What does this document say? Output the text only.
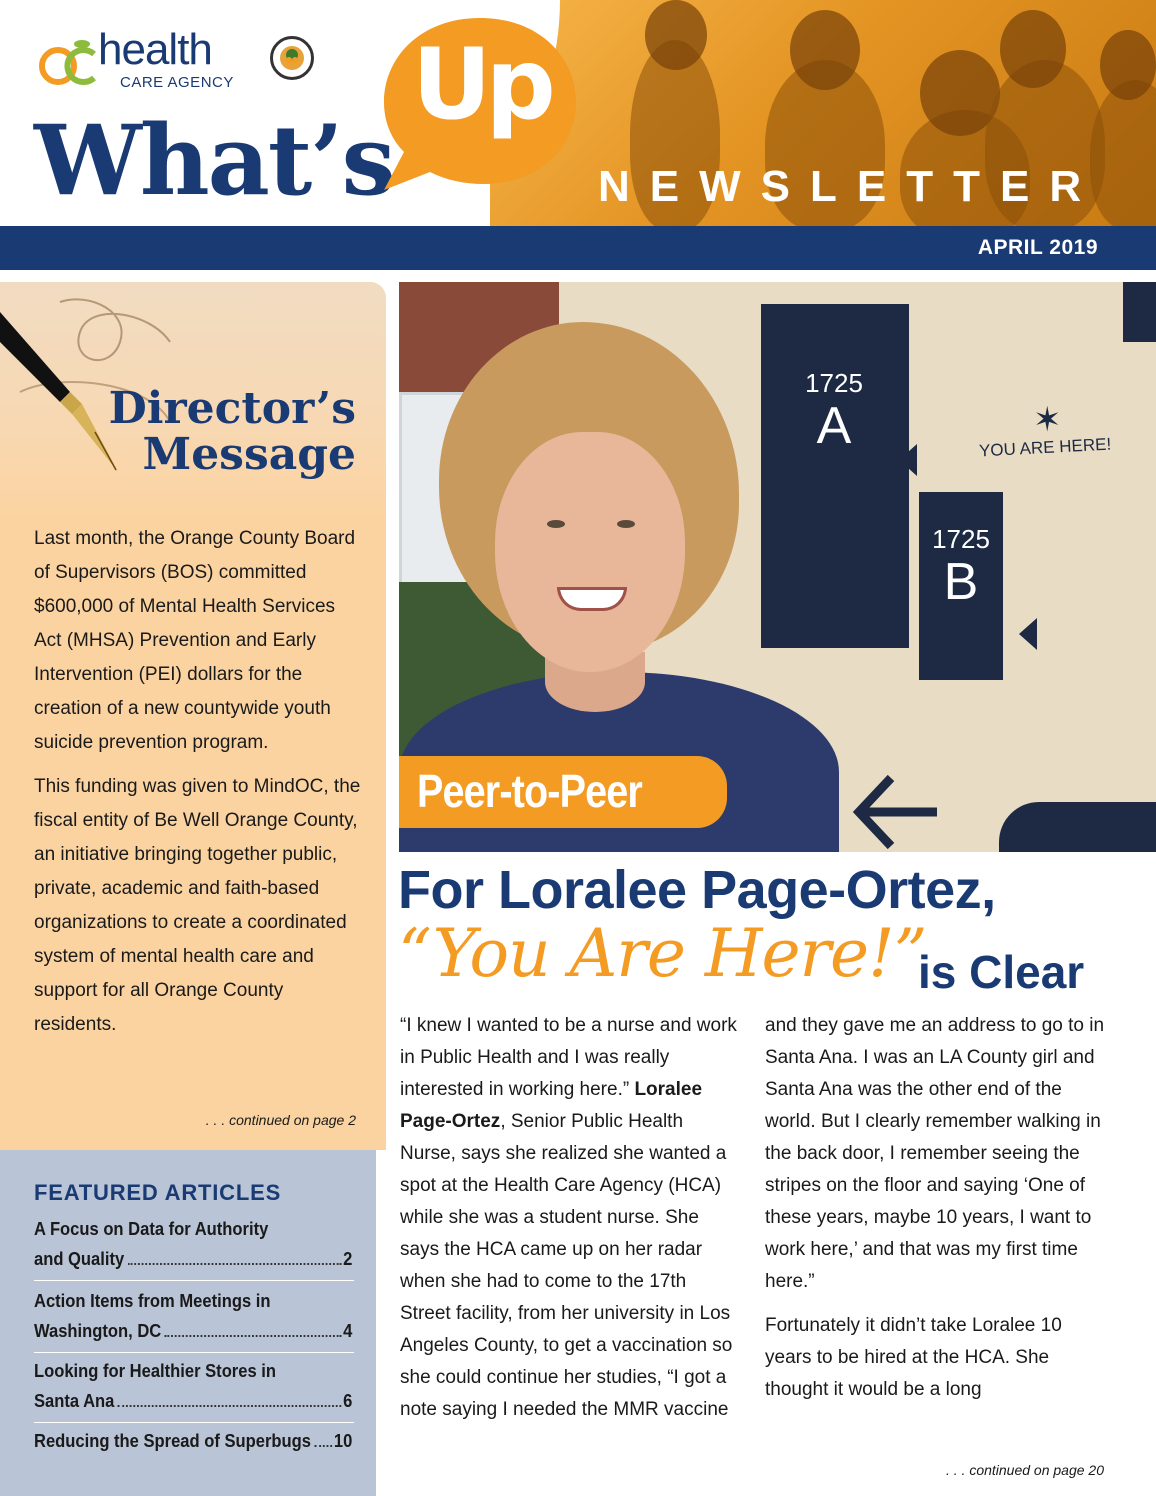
health
CARE AGENCY
What’s
Up
NEWSLETTER
APRIL 2019
Director’s
Message

Last month, the Orange County Board of Supervisors (BOS) committed $600,000 of Mental Health Services Act (MHSA) Prevention and Early Intervention (PEI) dollars for the creation of a new countywide youth suicide prevention program.

This funding was given to MindOC, the fiscal entity of Be Well Orange County, an initiative bringing together public, private, academic and faith-based organizations to create a coordinated system of mental health care and support for all Orange County residents.

. . . continued on page 2
FEATURED ARTICLES
A Focus on Data for Authority
and Quality	2
Action Items from Meetings in
Washington, DC	4
Looking for Healthier Stores in
Santa Ana	6
Reducing the Spread of Superbugs 10
1725
A
1725
B
✶
YOU ARE HERE!
Peer-to-Peer
For Loralee Page-Ortez,
“You Are Here!”
is Clear

“I knew I wanted to be a nurse and work in Public Health and I was really interested in working here.” Loralee Page-Ortez, Senior Public Health Nurse, says she realized she wanted a spot at the Health Care Agency (HCA) while she was a student nurse. She says the HCA came up on her radar when she had to come to the 17th Street facility, from her university in Los Angeles County, to get a vaccination so she could continue her studies, “I got a note saying I needed the MMR vaccine

and they gave me an address to go to in Santa Ana. I was an LA County girl and Santa Ana was the other end of the world. But I clearly remember walking in the back door, I remember seeing the stripes on the floor and saying ‘One of these years, maybe 10 years, I want to work here,’ and that was my first time here.”

Fortunately it didn’t take Loralee 10 years to be hired at the HCA. She thought it would be a long

. . . continued on page 20
